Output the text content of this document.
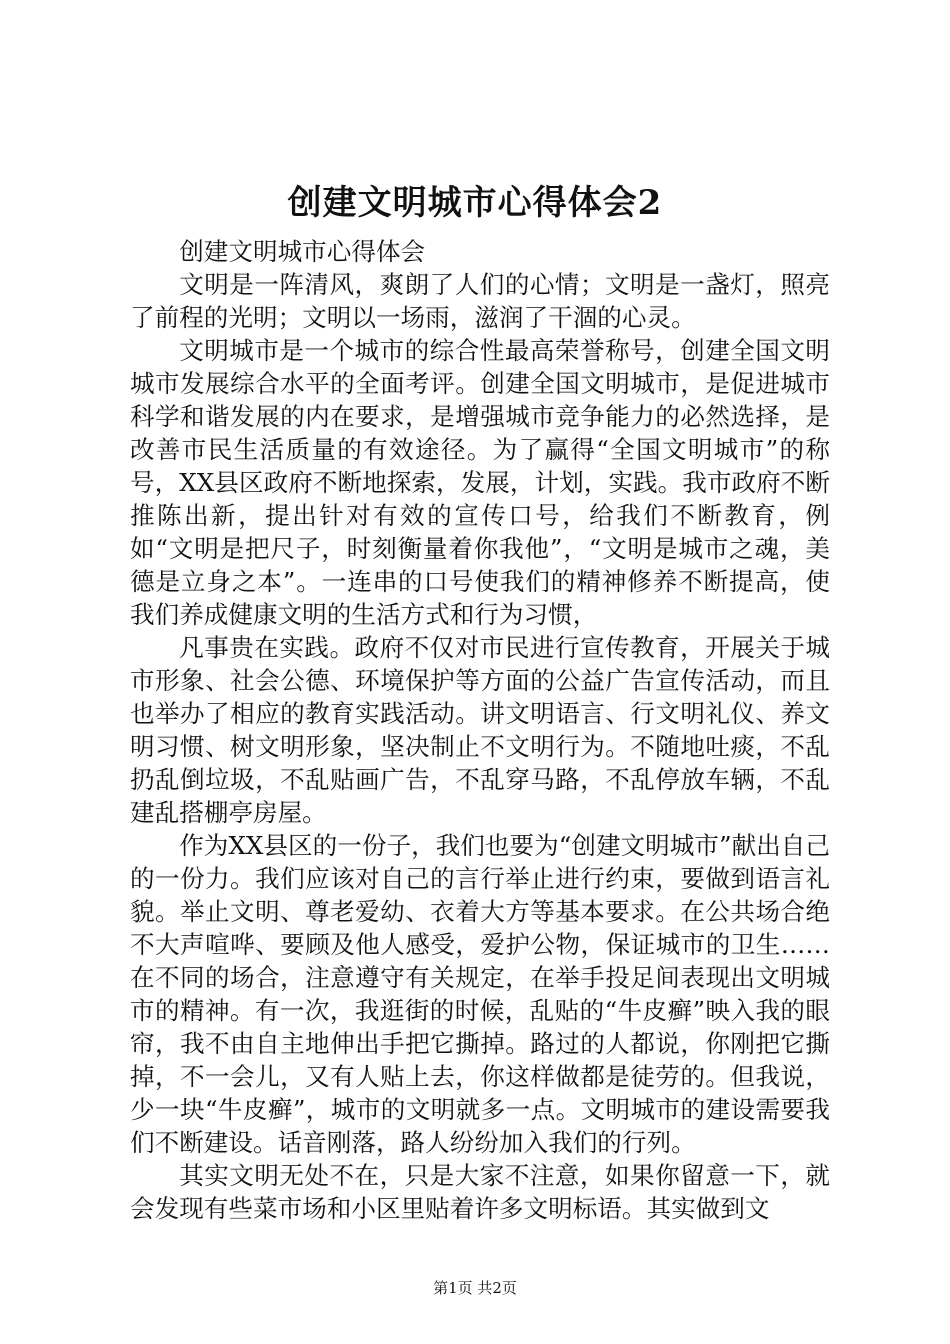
创建文明城市心得体会2

创建文明城市心得体会

文明是一阵清风，爽朗了人们的心情；文明是一盏灯，照亮了前程的光明；文明以一场雨，滋润了干涸的心灵。

文明城市是一个城市的综合性最高荣誉称号，创建全国文明城市发展综合水平的全面考评。创建全国文明城市，是促进城市科学和谐发展的内在要求，是增强城市竞争能力的必然选择，是改善市民生活质量的有效途径。为了赢得“全国文明城市”的称号，XX县区政府不断地探索，发展，计划，实践。我市政府不断推陈出新，提出针对有效的宣传口号，给我们不断教育，例如“文明是把尺子，时刻衡量着你我他”，“文明是城市之魂，美德是立身之本”。一连串的口号使我们的精神修养不断提高，使我们养成健康文明的生活方式和行为习惯，

凡事贵在实践。政府不仅对市民进行宣传教育，开展关于城市形象、社会公德、环境保护等方面的公益广告宣传活动，而且也举办了相应的教育实践活动。讲文明语言、行文明礼仪、养文明习惯、树文明形象，坚决制止不文明行为。不随地吐痰，不乱扔乱倒垃圾，不乱贴画广告，不乱穿马路，不乱停放车辆，不乱建乱搭棚亭房屋。

作为XX县区的一份子，我们也要为“创建文明城市”献出自己的一份力。我们应该对自己的言行举止进行约束，要做到语言礼貌。举止文明、尊老爱幼、衣着大方等基本要求。在公共场合绝不大声喧哗、要顾及他人感受，爱护公物，保证城市的卫生……在不同的场合，注意遵守有关规定，在举手投足间表现出文明城市的精神。有一次，我逛街的时候，乱贴的“牛皮癣”映入我的眼帘，我不由自主地伸出手把它撕掉。路过的人都说，你刚把它撕掉，不一会儿，又有人贴上去，你这样做都是徒劳的。但我说，少一块“牛皮癣”，城市的文明就多一点。文明城市的建设需要我们不断建设。话音刚落，路人纷纷加入我们的行列。

其实文明无处不在，只是大家不注意，如果你留意一下，就会发现有些菜市场和小区里贴着许多文明标语。其实做到文

第1页 共2页
